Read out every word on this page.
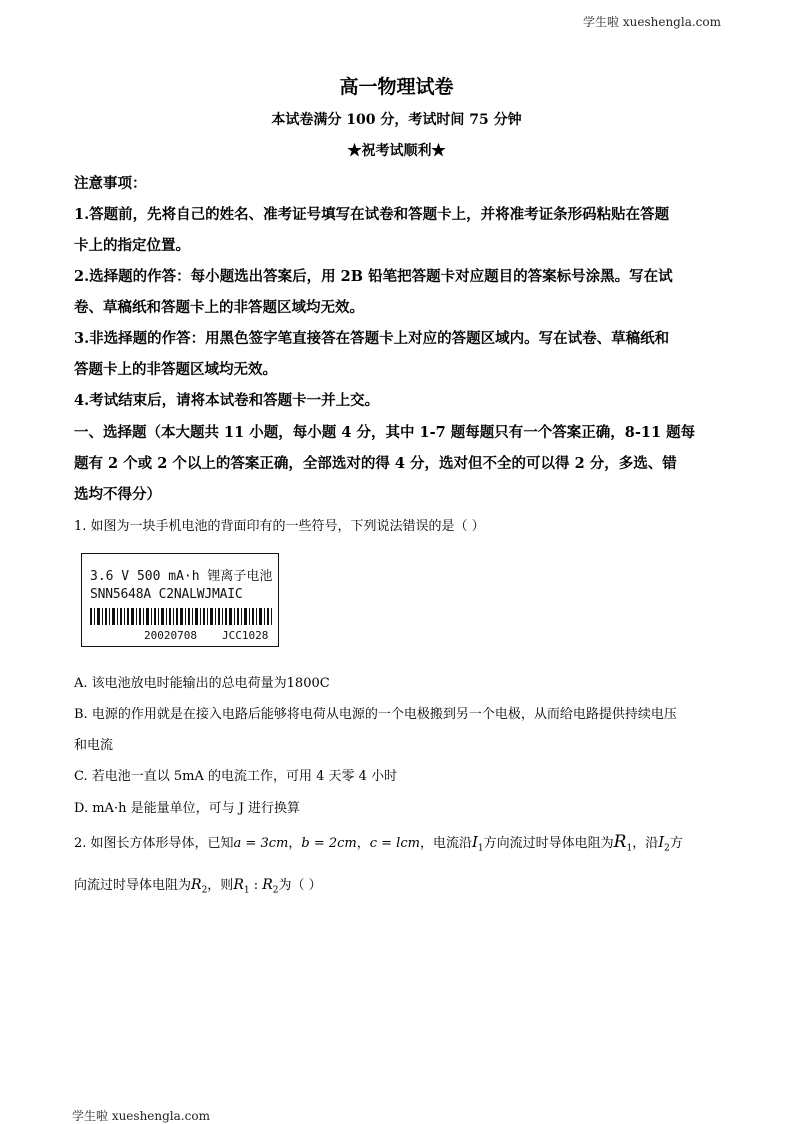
学生啦 xueshengla.com
高一物理试卷
本试卷满分 100 分，考试时间 75 分钟
★祝考试顺利★
注意事项：
1.答题前，先将自己的姓名、准考证号填写在试卷和答题卡上，并将准考证条形码粘贴在答题
卡上的指定位置。
2.选择题的作答：每小题选出答案后，用 2B 铅笔把答题卡对应题目的答案标号涂黑。写在试
卷、草稿纸和答题卡上的非答题区域均无效。
3.非选择题的作答：用黑色签字笔直接答在答题卡上对应的答题区域内。写在试卷、草稿纸和
答题卡上的非答题区域均无效。
4.考试结束后，请将本试卷和答题卡一并上交。
一、选择题（本大题共 11 小题，每小题 4 分，其中 1-7 题每题只有一个答案正确，8-11 题每
题有 2 个或 2 个以上的答案正确，全部选对的得 4 分，选对但不全的可以得 2 分，多选、错
选均不得分）
1. 如图为一块手机电池的背面印有的一些符号，下列说法错误的是（ ）
3.6 V 500 mA·h 锂离子电池
SNN5648A C2NALWJMAIC
20020708 JCC1028
A. 该电池放电时能输出的总电荷量为1800C
B. 电源的作用就是在接入电路后能够将电荷从电源的一个电极搬到另一个电极，从而给电路提供持续电压
和电流
C. 若电池一直以 5mA 的电流工作，可用 4 天零 4 小时
D. mA·h 是能量单位，可与 J 进行换算
2. 如图长方体形导体，已知a = 3cm，b = 2cm，c = lcm，电流沿$I_1$方向流过时导体电阻为$R_1$，沿$I_2$方
向流过时导体电阻为$R_2$，则$R_1$ : $R_2$为（ ）
学生啦 xueshengla.com
